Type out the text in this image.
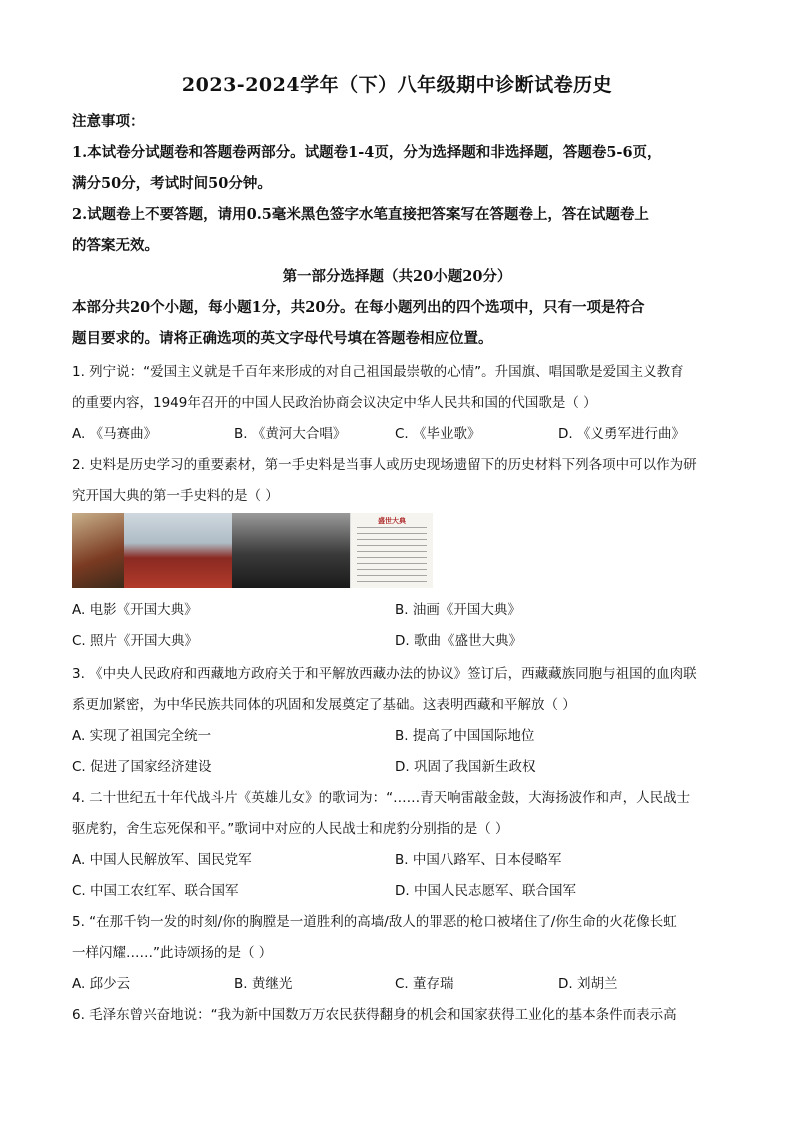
2023-2024学年（下）八年级期中诊断试卷历史
注意事项：
1.本试卷分试题卷和答题卷两部分。试题卷1-4页，分为选择题和非选择题，答题卷5-6页，
满分50分，考试时间50分钟。
2.试题卷上不要答题，请用0.5毫米黑色签字水笔直接把答案写在答题卷上，答在试题卷上
的答案无效。
第一部分选择题（共20小题20分）
本部分共20个小题，每小题1分，共20分。在每小题列出的四个选项中，只有一项是符合
题目要求的。请将正确选项的英文字母代号填在答题卷相应位置。
1. 列宁说：“爱国主义就是千百年来形成的对自己祖国最崇敬的心情”。升国旗、唱国歌是爱国主义教育
的重要内容，1949年召开的中国人民政治协商会议决定中华人民共和国的代国歌是（ ）
A. 《马赛曲》	B. 《黄河大合唱》	C. 《毕业歌》	D. 《义勇军进行曲》
2. 史料是历史学习的重要素材，第一手史料是当事人或历史现场遗留下的历史材料下列各项中可以作为研
究开国大典的第一手史料的是（ ）
盛世大典
A. 电影《开国大典》	B. 油画《开国大典》
C. 照片《开国大典》	D. 歌曲《盛世大典》
3. 《中央人民政府和西藏地方政府关于和平解放西藏办法的协议》签订后，西藏藏族同胞与祖国的血肉联
系更加紧密，为中华民族共同体的巩固和发展奠定了基础。这表明西藏和平解放（ ）
A. 实现了祖国完全统一	B. 提高了中国国际地位
C. 促进了国家经济建设	D. 巩固了我国新生政权
4. 二十世纪五十年代战斗片《英雄儿女》的歌词为：“……青天响雷敲金鼓，大海扬波作和声，人民战士
驱虎豹，舍生忘死保和平。”歌词中对应的人民战士和虎豹分别指的是（ ）
A. 中国人民解放军、国民党军	B. 中国八路军、日本侵略军
C. 中国工农红军、联合国军	D. 中国人民志愿军、联合国军
5. “在那千钧一发的时刻/你的胸膛是一道胜利的高墙/敌人的罪恶的枪口被堵住了/你生命的火花像长虹
一样闪耀……”此诗颂扬的是（ ）
A. 邱少云	B. 黄继光	C. 董存瑞	D. 刘胡兰
6. 毛泽东曾兴奋地说：“我为新中国数万万农民获得翻身的机会和国家获得工业化的基本条件而表示高
